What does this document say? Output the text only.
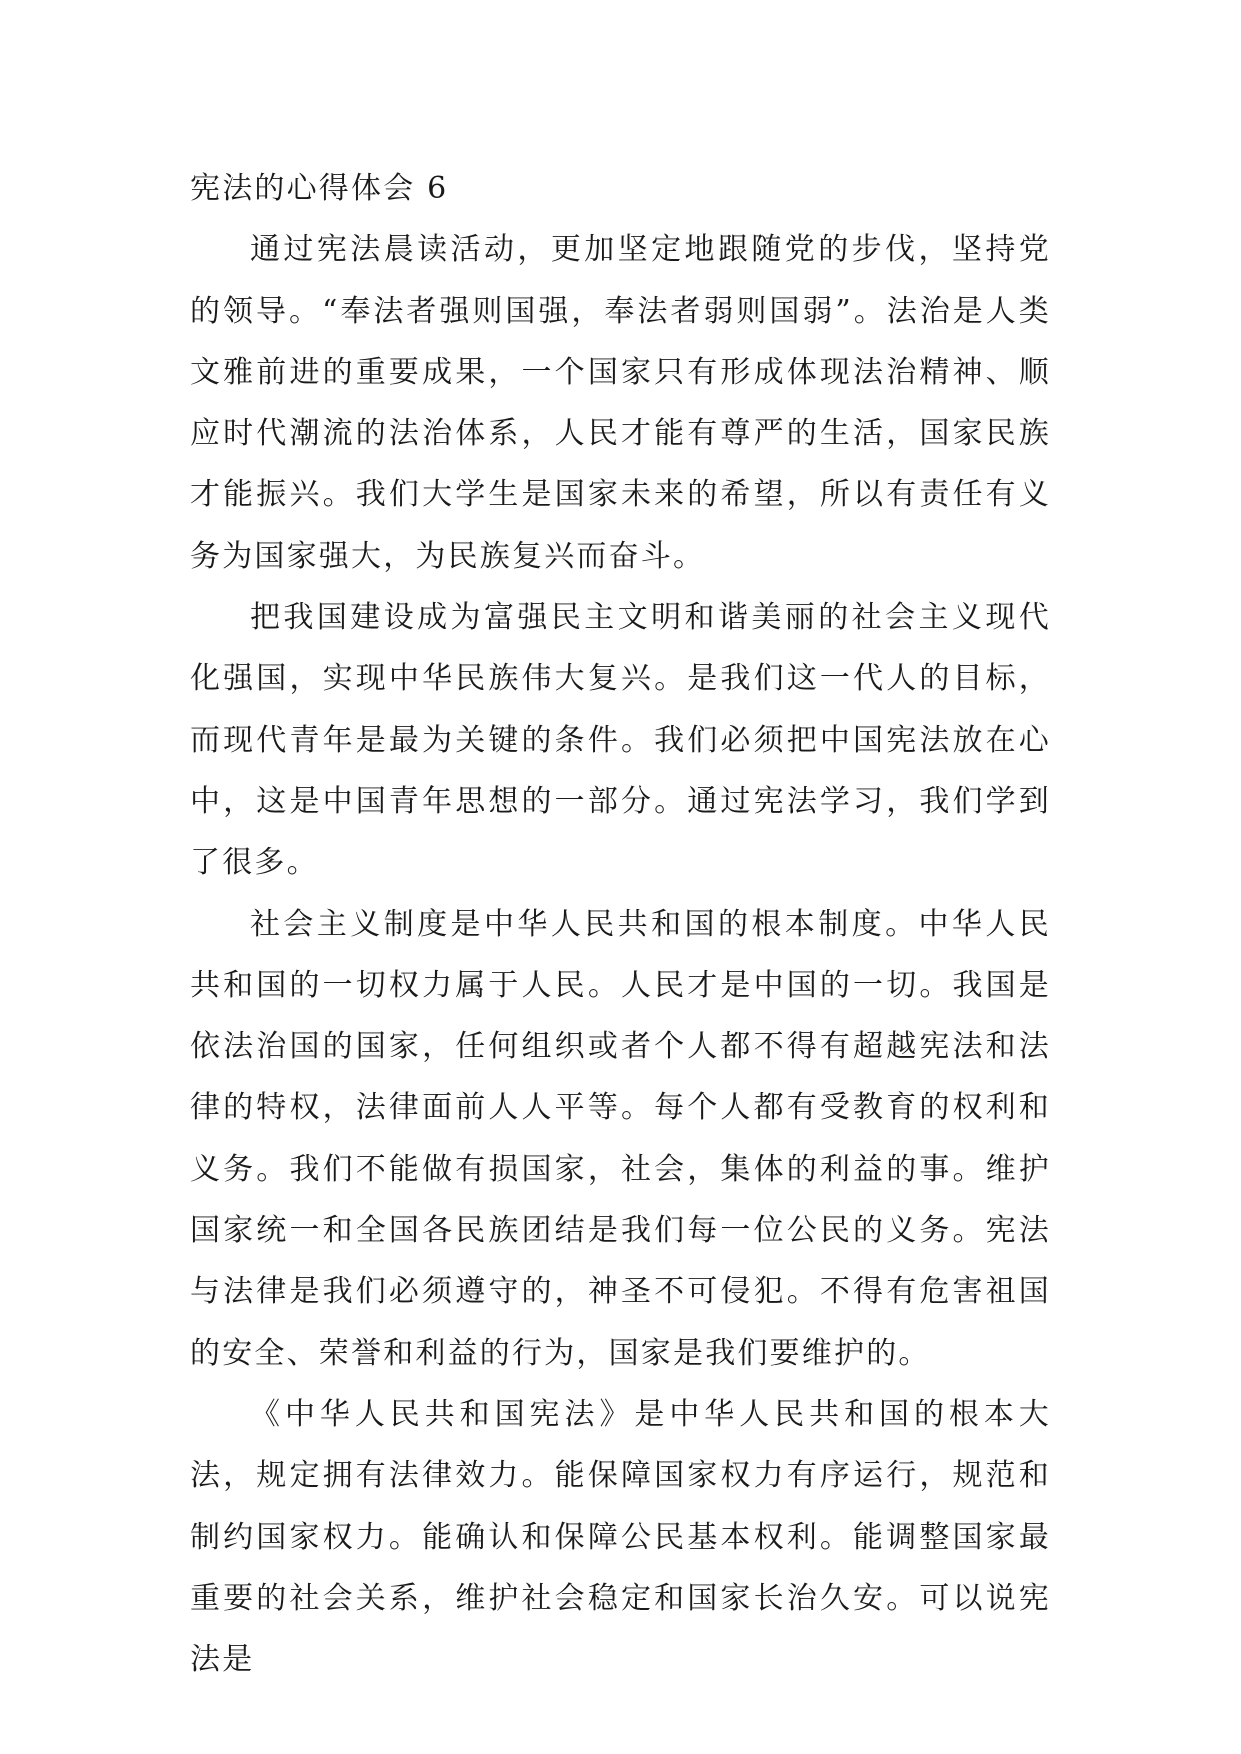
宪法的心得体会 6

通过宪法晨读活动，更加坚定地跟随党的步伐，坚持党的领导。“奉法者强则国强，奉法者弱则国弱”。法治是人类文雅前进的重要成果，一个国家只有形成体现法治精神、顺应时代潮流的法治体系，人民才能有尊严的生活，国家民族才能振兴。我们大学生是国家未来的希望，所以有责任有义务为国家强大，为民族复兴而奋斗。

把我国建设成为富强民主文明和谐美丽的社会主义现代化强国，实现中华民族伟大复兴。是我们这一代人的目标，而现代青年是最为关键的条件。我们必须把中国宪法放在心中，这是中国青年思想的一部分。通过宪法学习，我们学到了很多。

社会主义制度是中华人民共和国的根本制度。中华人民共和国的一切权力属于人民。人民才是中国的一切。我国是依法治国的国家，任何组织或者个人都不得有超越宪法和法律的特权，法律面前人人平等。每个人都有受教育的权利和义务。我们不能做有损国家，社会，集体的利益的事。维护国家统一和全国各民族团结是我们每一位公民的义务。宪法与法律是我们必须遵守的，神圣不可侵犯。不得有危害祖国的安全、荣誉和利益的行为，国家是我们要维护的。

《中华人民共和国宪法》是中华人民共和国的根本大法，规定拥有法律效力。能保障国家权力有序运行，规范和制约国家权力。能确认和保障公民基本权利。能调整国家最重要的社会关系，维护社会稳定和国家长治久安。可以说宪法是
